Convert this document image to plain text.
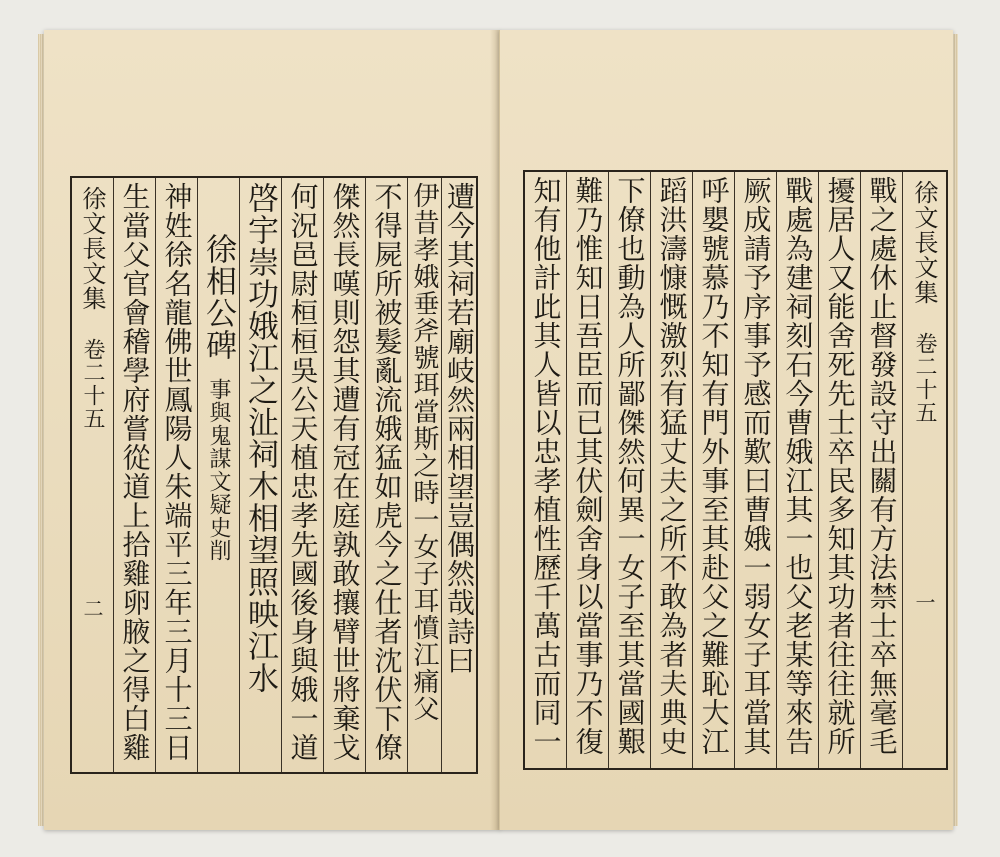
徐文長文集
卷二十五
二 生當父官會稽學府嘗從道上拾雞卵腋之得白雞 神姓徐名龍佛世鳳陽人朱端平三年三月十三日 徐相公碑
事與鬼謀文疑史削 啓宇崇功娥江之沚祠木相望照映江水 何況邑尉桓桓吳公天植忠孝先國後身與娥一道 傑然長嘆則怨其遭有冠在庭孰敢攘臂世將棄戈 不得屍所被髮亂流娥猛如虎今之仕者沈伏下僚 伊昔孝娥垂斧號珥當斯之時一女子耳憤江痛父 遭今其祠若廟岐然兩相望豈偶然哉詩曰 知有他計此其人皆以忠孝植性歷千萬古而同一 難乃惟知日吾臣而已其伏劍舍身以當事乃不復 下僚也動為人所鄙傑然何異一女子至其當國艱 蹈洪濤慷慨激烈有猛丈夫之所不敢為者夫典史 呼嬰號慕乃不知有門外事至其赴父之難恥大江 厥成請予序事予感而歎曰曹娥一弱女子耳當其 戰處為建祠刻石今曹娥江其一也父老某等來告 擾居人又能舍死先士卒民多知其功者往往就所 戰之處休止督發設守出關有方法禁士卒無毫毛 徐文長文集
卷二十五
一
